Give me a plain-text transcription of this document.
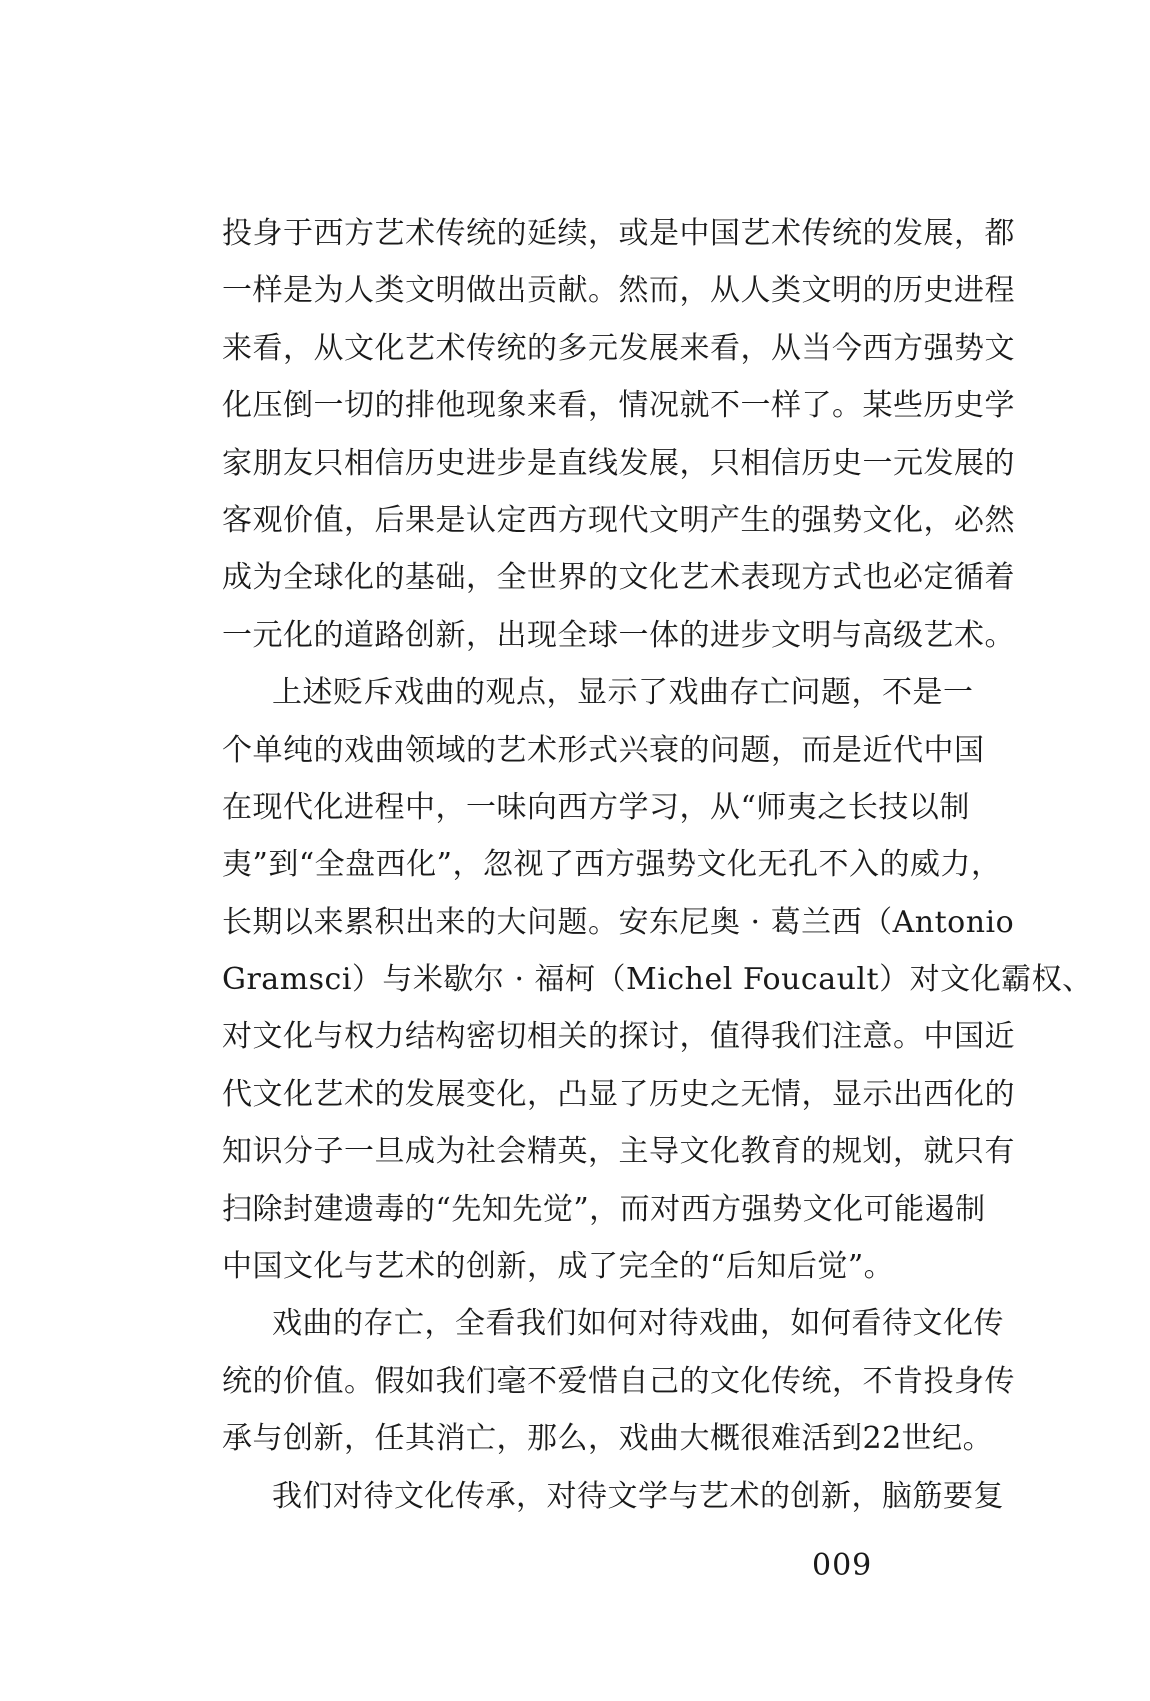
投身于西方艺术传统的延续，或是中国艺术传统的发展，都
一样是为人类文明做出贡献。然而，从人类文明的历史进程
来看，从文化艺术传统的多元发展来看，从当今西方强势文
化压倒一切的排他现象来看，情况就不一样了。某些历史学
家朋友只相信历史进步是直线发展，只相信历史一元发展的
客观价值，后果是认定西方现代文明产生的强势文化，必然
成为全球化的基础，全世界的文化艺术表现方式也必定循着
一元化的道路创新，出现全球一体的进步文明与高级艺术。
上述贬斥戏曲的观点，显示了戏曲存亡问题，不是一
个单纯的戏曲领域的艺术形式兴衰的问题，而是近代中国
在现代化进程中，一味向西方学习，从“师夷之长技以制
夷”到“全盘西化”，忽视了西方强势文化无孔不入的威力，
长期以来累积出来的大问题。安东尼奥 · 葛兰西（Antonio
Gramsci）与米歇尔 · 福柯（Michel Foucault）对文化霸权、
对文化与权力结构密切相关的探讨，值得我们注意。中国近
代文化艺术的发展变化，凸显了历史之无情，显示出西化的
知识分子一旦成为社会精英，主导文化教育的规划，就只有
扫除封建遗毒的“先知先觉”，而对西方强势文化可能遏制
中国文化与艺术的创新，成了完全的“后知后觉”。
戏曲的存亡，全看我们如何对待戏曲，如何看待文化传
统的价值。假如我们毫不爱惜自己的文化传统，不肯投身传
承与创新，任其消亡，那么，戏曲大概很难活到22世纪。
我们对待文化传承，对待文学与艺术的创新，脑筋要复
009
